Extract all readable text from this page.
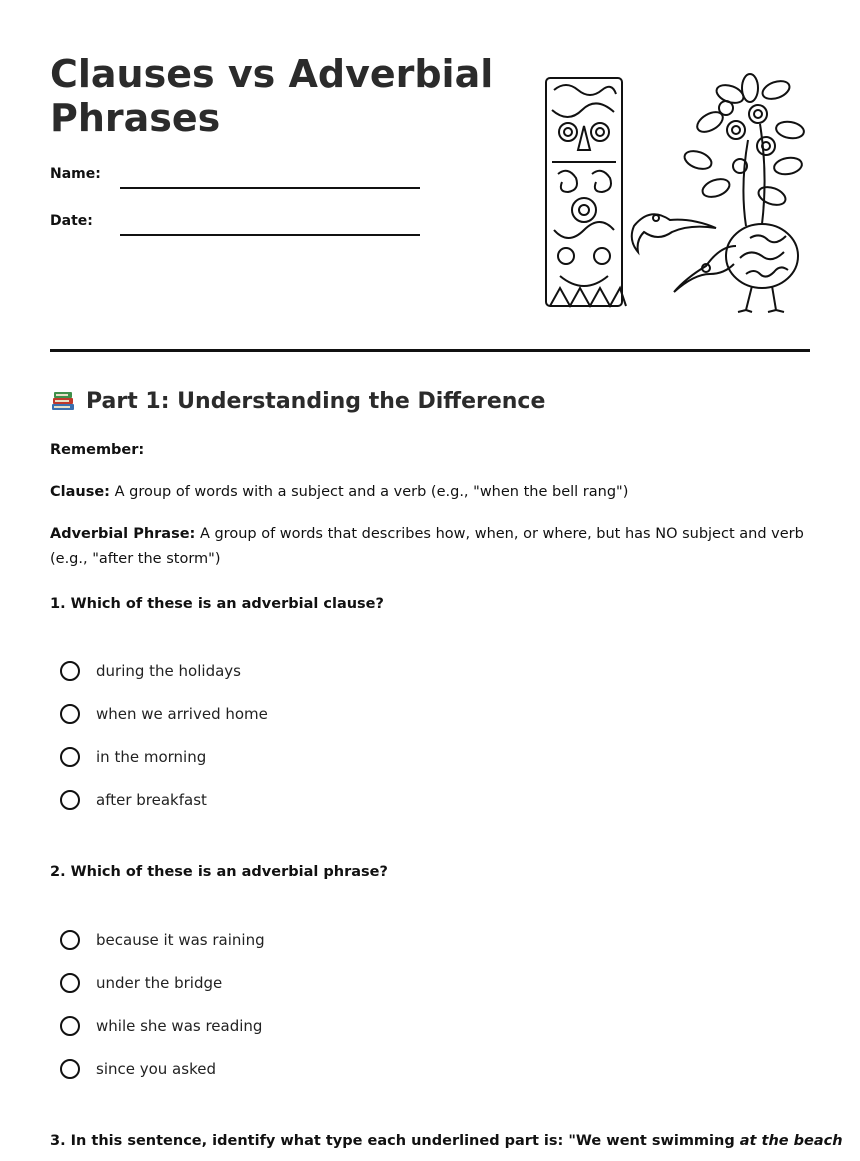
Clauses vs Adverbial Phrases
Name:
Date:
Part 1: Understanding the Difference
Remember:
Clause: A group of words with a subject and a verb (e.g., "when the bell rang")
Adverbial Phrase: A group of words that describes how, when, or where, but has NO subject and verb (e.g., "after the storm")
1. Which of these is an adverbial clause?
during the holidays
when we arrived home
in the morning
after breakfast
2. Which of these is an adverbial phrase?
because it was raining
under the bridge
while she was reading
since you asked
3. In this sentence, identify what type each underlined part is: "We went swimming at the beach
